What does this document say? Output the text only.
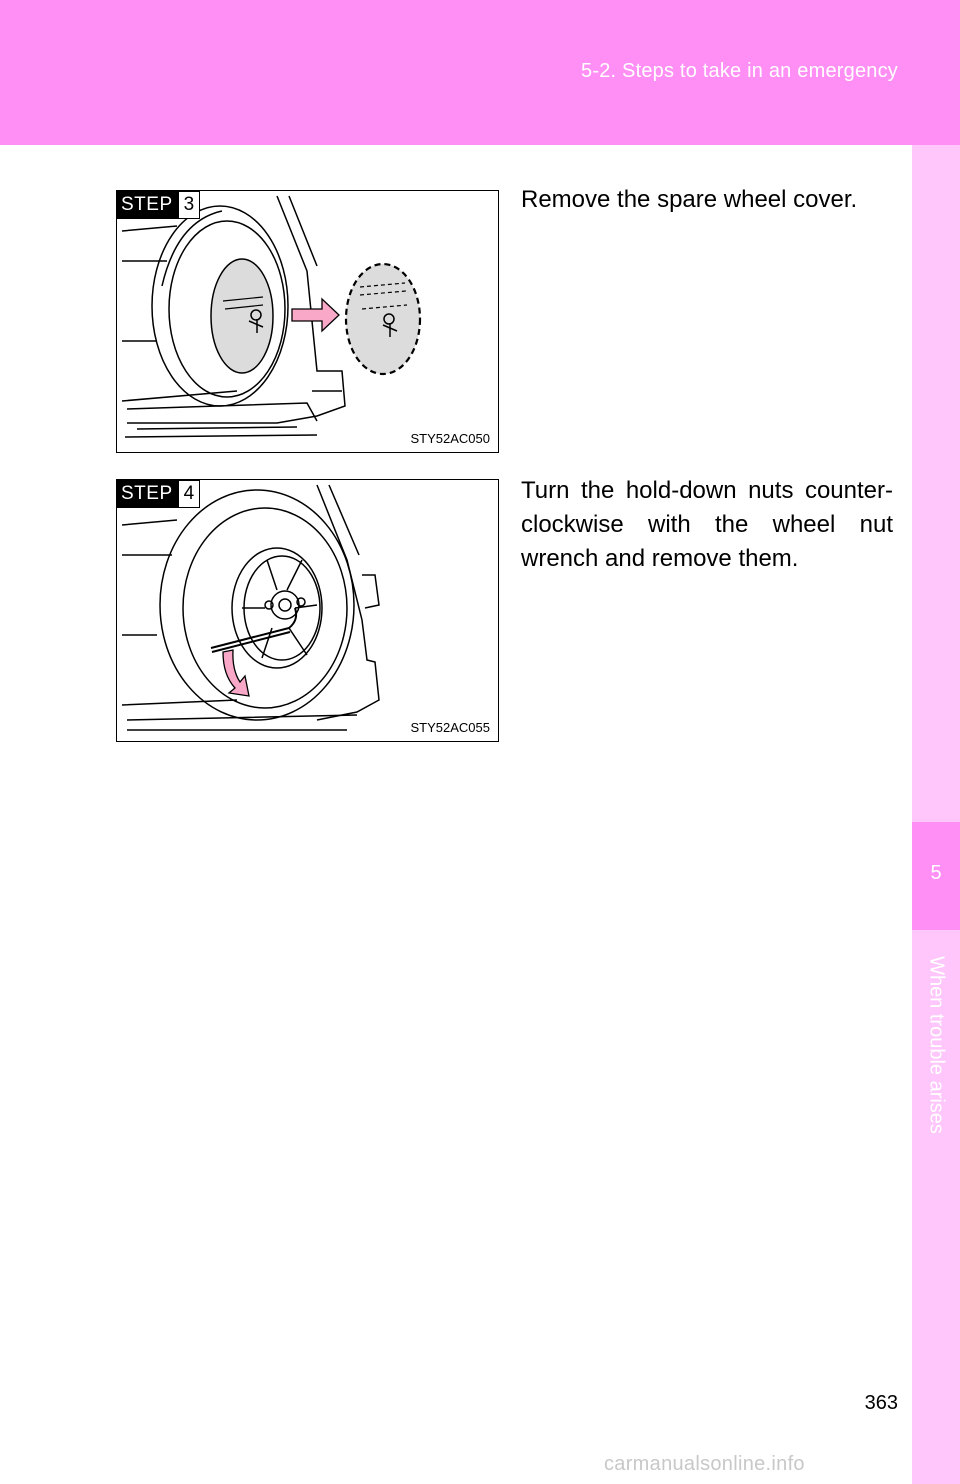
5-2. Steps to take in an emergency
5
When trouble arises
STEP 3
STY52AC050
Remove the spare wheel cover.
STEP 4
STY52AC055
Turn the hold-down nuts counter-clockwise with the wheel nut wrench and remove them.
363
carmanualsonline.info
